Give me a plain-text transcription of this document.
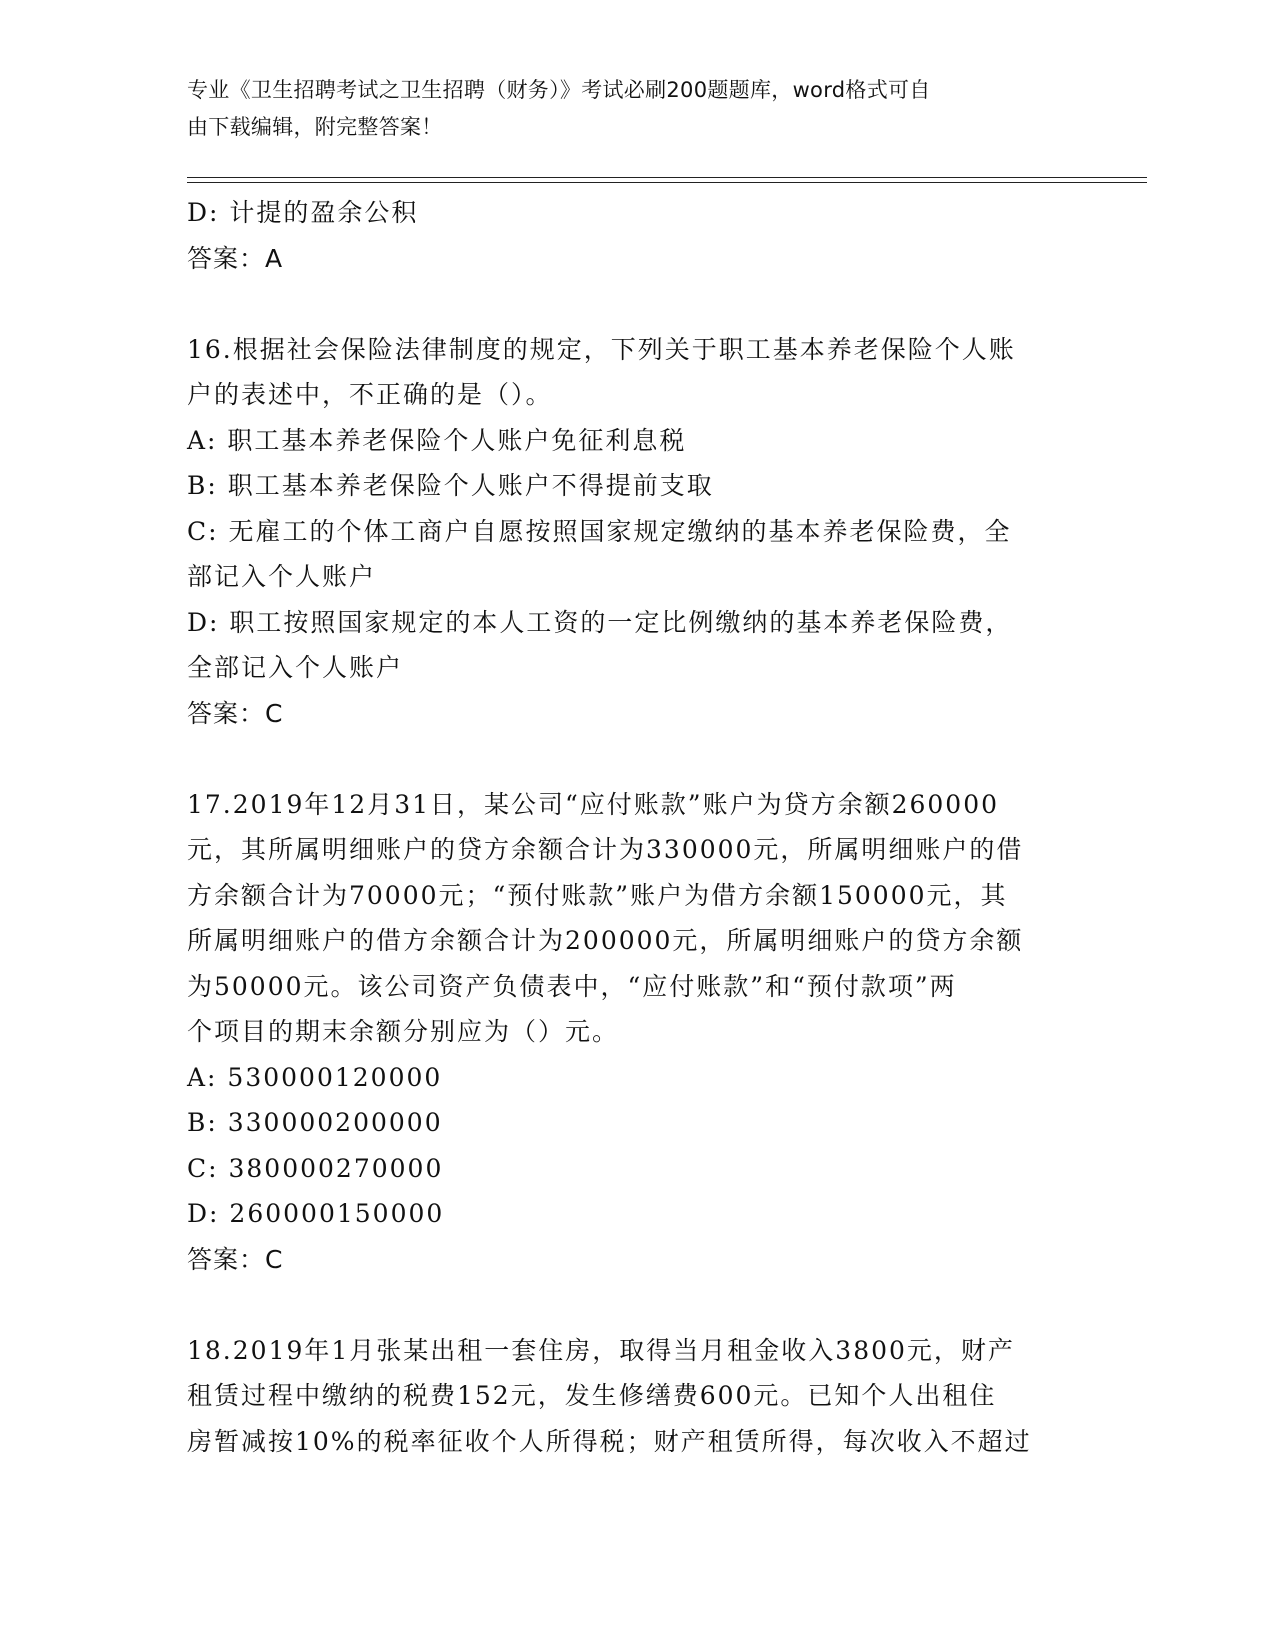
专业《卫生招聘考试之卫生招聘（财务）》考试必刷200题题库，word格式可自
由下载编辑，附完整答案！
D: 计提的盈余公积
答案：A
16.根据社会保险法律制度的规定，下列关于职工基本养老保险个人账
户的表述中，不正确的是（）。
A: 职工基本养老保险个人账户免征利息税
B: 职工基本养老保险个人账户不得提前支取
C: 无雇工的个体工商户自愿按照国家规定缴纳的基本养老保险费，全
部记入个人账户
D: 职工按照国家规定的本人工资的一定比例缴纳的基本养老保险费，
全部记入个人账户
答案：C
17.2019年12月31日，某公司“应付账款”账户为贷方余额260000
元，其所属明细账户的贷方余额合计为330000元，所属明细账户的借
方余额合计为70000元；“预付账款”账户为借方余额150000元，其
所属明细账户的借方余额合计为200000元，所属明细账户的贷方余额
为50000元。该公司资产负债表中，“应付账款”和“预付款项”两
个项目的期末余额分别应为（）元。
A: 530000120000
B: 330000200000
C: 380000270000
D: 260000150000
答案：C
18.2019年1月张某出租一套住房，取得当月租金收入3800元，财产
租赁过程中缴纳的税费152元，发生修缮费600元。已知个人出租住
房暂减按10%的税率征收个人所得税；财产租赁所得，每次收入不超过
